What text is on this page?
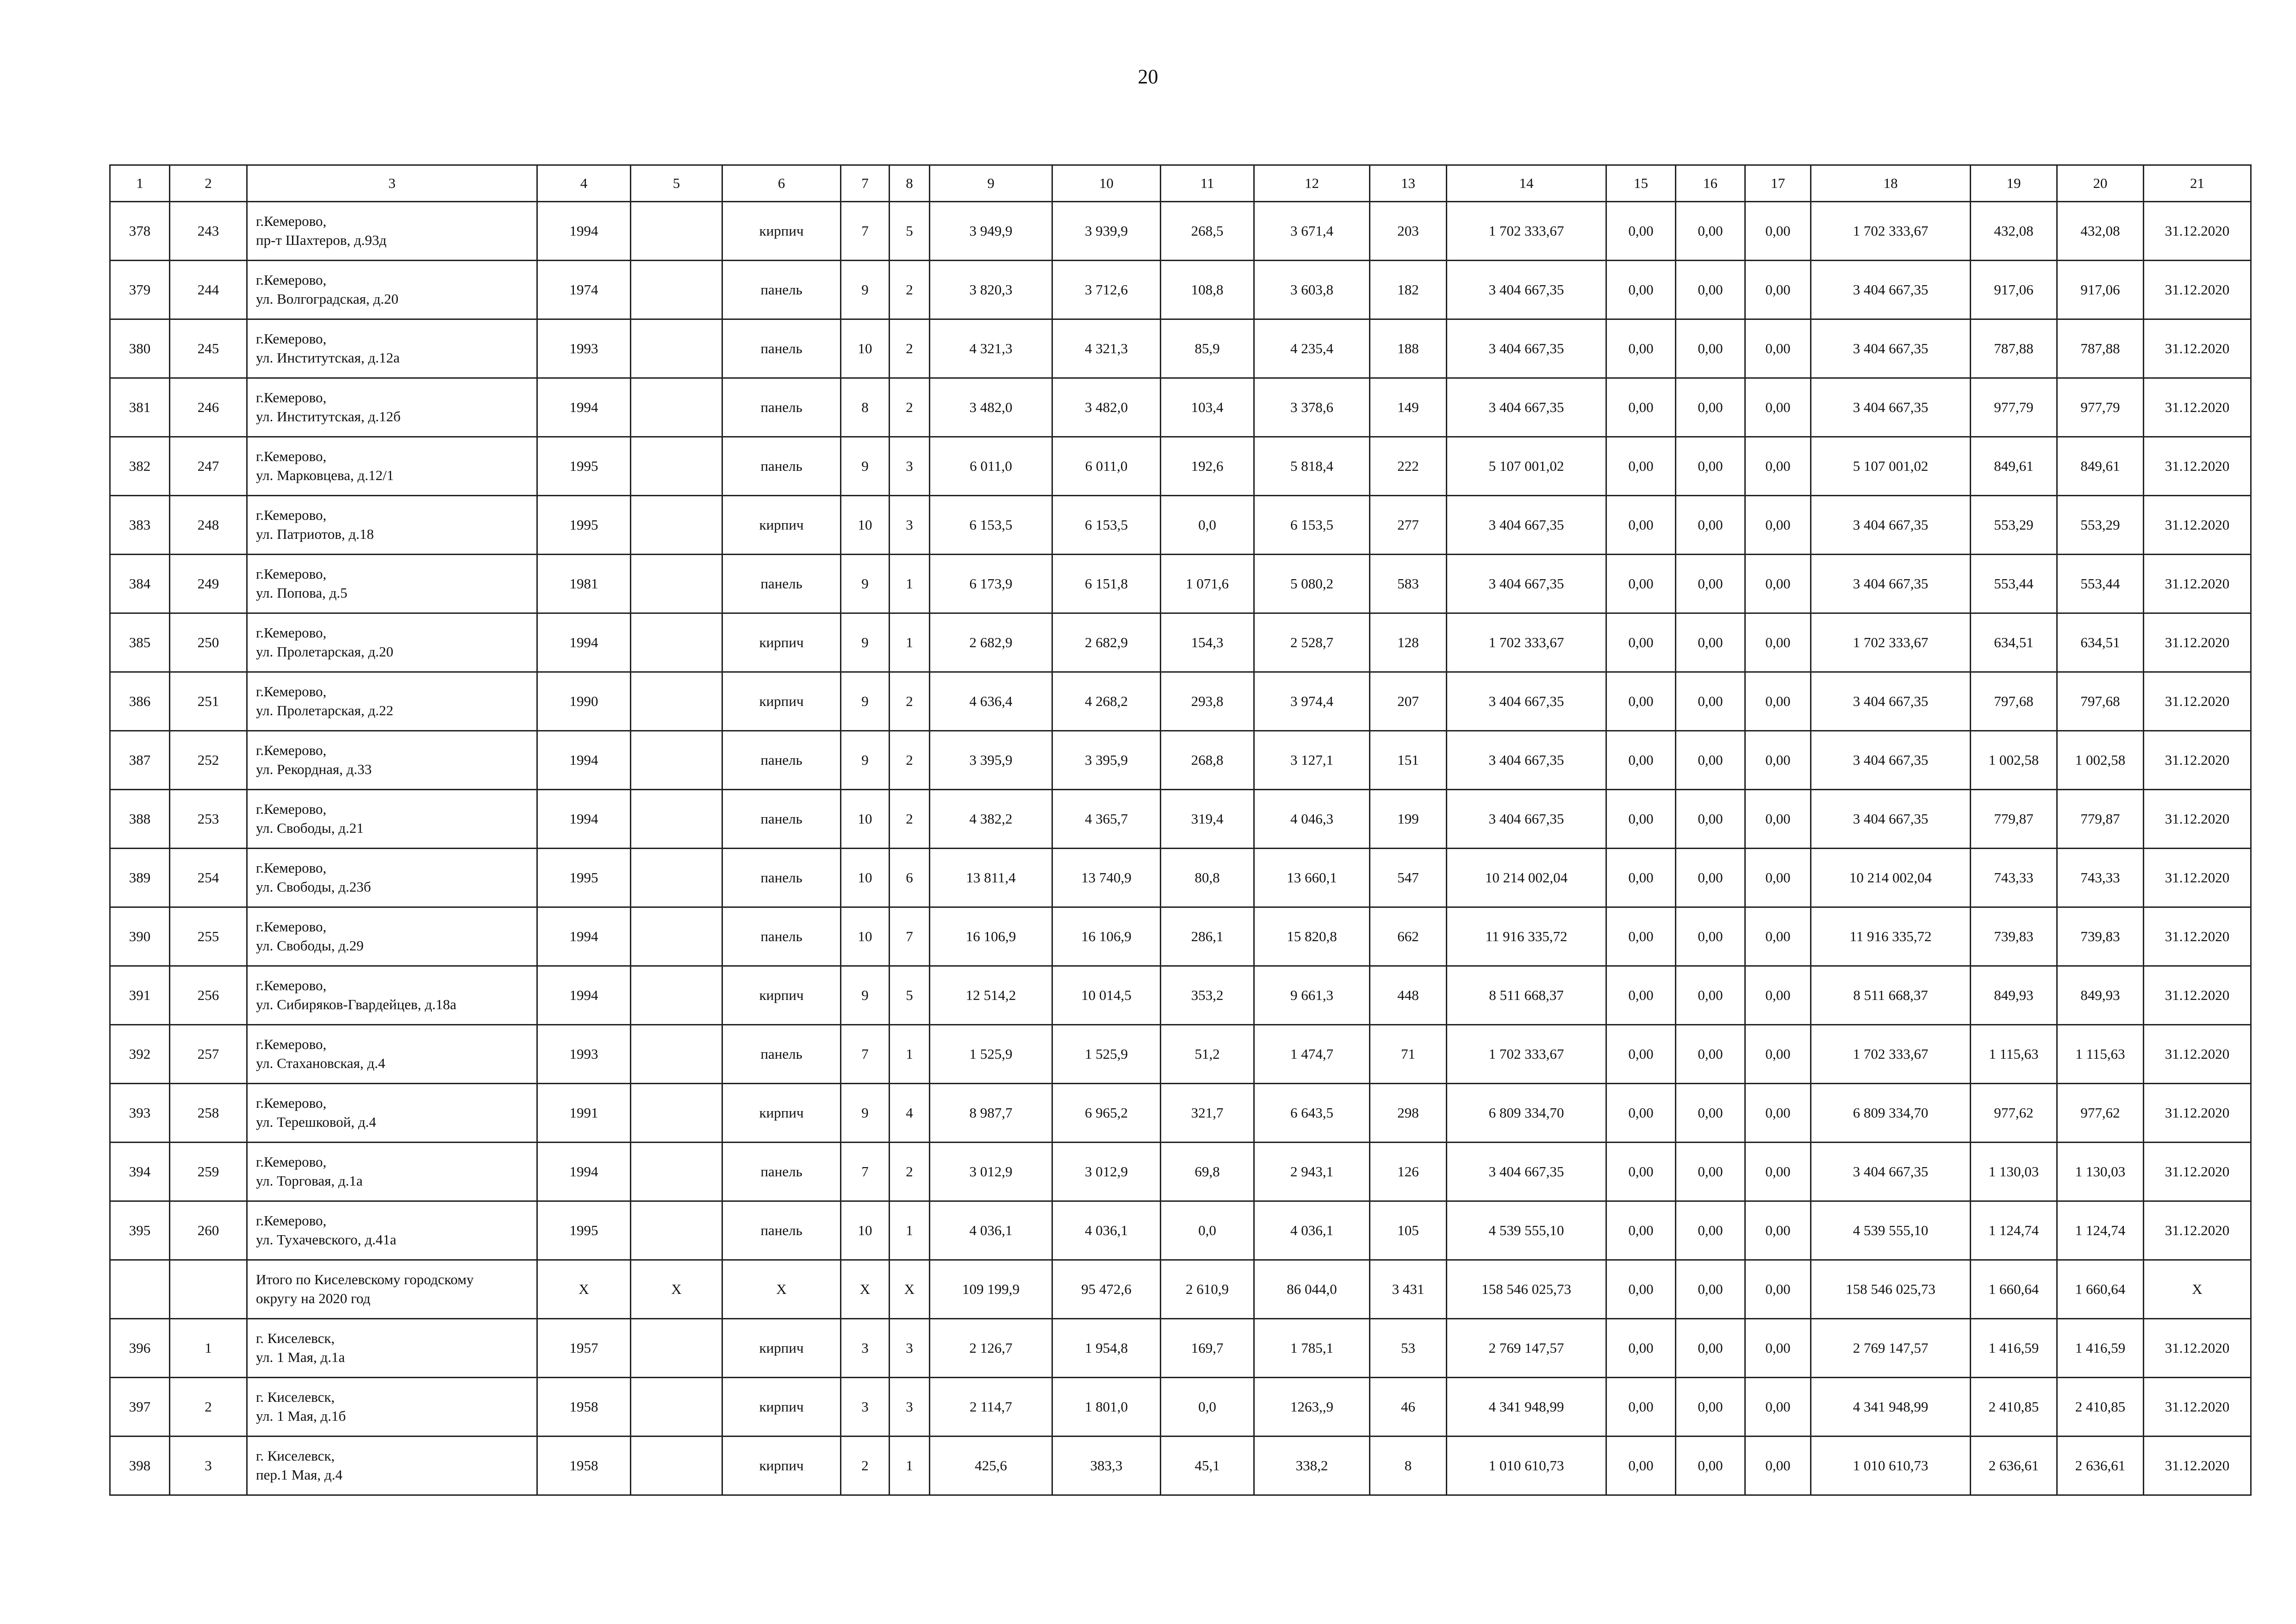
20
1	2	3	4	5	6	7	8	9	10	11	12	13	14	15	16	17	18	19	20	21
378	243	г.Кемерово,
пр-т Шахтеров, д.93д	1994		кирпич	7	5	3 949,9	3 939,9	268,5	3 671,4	203	1 702 333,67	0,00	0,00	0,00	1 702 333,67	432,08	432,08	31.12.2020
379	244	г.Кемерово,
ул. Волгоградская, д.20	1974		панель	9	2	3 820,3	3 712,6	108,8	3 603,8	182	3 404 667,35	0,00	0,00	0,00	3 404 667,35	917,06	917,06	31.12.2020
380	245	г.Кемерово,
ул. Институтская, д.12а	1993		панель	10	2	4 321,3	4 321,3	85,9	4 235,4	188	3 404 667,35	0,00	0,00	0,00	3 404 667,35	787,88	787,88	31.12.2020
381	246	г.Кемерово,
ул. Институтская, д.12б	1994		панель	8	2	3 482,0	3 482,0	103,4	3 378,6	149	3 404 667,35	0,00	0,00	0,00	3 404 667,35	977,79	977,79	31.12.2020
382	247	г.Кемерово,
ул. Марковцева, д.12/1	1995		панель	9	3	6 011,0	6 011,0	192,6	5 818,4	222	5 107 001,02	0,00	0,00	0,00	5 107 001,02	849,61	849,61	31.12.2020
383	248	г.Кемерово,
ул. Патриотов, д.18	1995		кирпич	10	3	6 153,5	6 153,5	0,0	6 153,5	277	3 404 667,35	0,00	0,00	0,00	3 404 667,35	553,29	553,29	31.12.2020
384	249	г.Кемерово,
ул. Попова, д.5	1981		панель	9	1	6 173,9	6 151,8	1 071,6	5 080,2	583	3 404 667,35	0,00	0,00	0,00	3 404 667,35	553,44	553,44	31.12.2020
385	250	г.Кемерово,
ул. Пролетарская, д.20	1994		кирпич	9	1	2 682,9	2 682,9	154,3	2 528,7	128	1 702 333,67	0,00	0,00	0,00	1 702 333,67	634,51	634,51	31.12.2020
386	251	г.Кемерово,
ул. Пролетарская, д.22	1990		кирпич	9	2	4 636,4	4 268,2	293,8	3 974,4	207	3 404 667,35	0,00	0,00	0,00	3 404 667,35	797,68	797,68	31.12.2020
387	252	г.Кемерово,
ул. Рекордная, д.33	1994		панель	9	2	3 395,9	3 395,9	268,8	3 127,1	151	3 404 667,35	0,00	0,00	0,00	3 404 667,35	1 002,58	1 002,58	31.12.2020
388	253	г.Кемерово,
ул. Свободы, д.21	1994		панель	10	2	4 382,2	4 365,7	319,4	4 046,3	199	3 404 667,35	0,00	0,00	0,00	3 404 667,35	779,87	779,87	31.12.2020
389	254	г.Кемерово,
ул. Свободы, д.23б	1995		панель	10	6	13 811,4	13 740,9	80,8	13 660,1	547	10 214 002,04	0,00	0,00	0,00	10 214 002,04	743,33	743,33	31.12.2020
390	255	г.Кемерово,
ул. Свободы, д.29	1994		панель	10	7	16 106,9	16 106,9	286,1	15 820,8	662	11 916 335,72	0,00	0,00	0,00	11 916 335,72	739,83	739,83	31.12.2020
391	256	г.Кемерово,
ул. Сибиряков-Гвардейцев, д.18а	1994		кирпич	9	5	12 514,2	10 014,5	353,2	9 661,3	448	8 511 668,37	0,00	0,00	0,00	8 511 668,37	849,93	849,93	31.12.2020
392	257	г.Кемерово,
ул. Стахановская, д.4	1993		панель	7	1	1 525,9	1 525,9	51,2	1 474,7	71	1 702 333,67	0,00	0,00	0,00	1 702 333,67	1 115,63	1 115,63	31.12.2020
393	258	г.Кемерово,
ул. Терешковой, д.4	1991		кирпич	9	4	8 987,7	6 965,2	321,7	6 643,5	298	6 809 334,70	0,00	0,00	0,00	6 809 334,70	977,62	977,62	31.12.2020
394	259	г.Кемерово,
ул. Торговая, д.1а	1994		панель	7	2	3 012,9	3 012,9	69,8	2 943,1	126	3 404 667,35	0,00	0,00	0,00	3 404 667,35	1 130,03	1 130,03	31.12.2020
395	260	г.Кемерово,
ул. Тухачевского, д.41а	1995		панель	10	1	4 036,1	4 036,1	0,0	4 036,1	105	4 539 555,10	0,00	0,00	0,00	4 539 555,10	1 124,74	1 124,74	31.12.2020

		Итого по Киселевскому городскому
округу на 2020 год	X	X	X	X	X	109 199,9	95 472,6	2 610,9	86 044,0	3 431	158 546 025,73	0,00	0,00	0,00	158 546 025,73	1 660,64	1 660,64	X
396	1	г. Киселевск,
ул. 1 Мая, д.1а	1957		кирпич	3	3	2 126,7	1 954,8	169,7	1 785,1	53	2 769 147,57	0,00	0,00	0,00	2 769 147,57	1 416,59	1 416,59	31.12.2020
397	2	г. Киселевск,
ул. 1 Мая, д.1б	1958		кирпич	3	3	2 114,7	1 801,0	0,0	1263,,9	46	4 341 948,99	0,00	0,00	0,00	4 341 948,99	2 410,85	2 410,85	31.12.2020
398	3	г. Киселевск,
пер.1 Мая, д.4	1958		кирпич	2	1	425,6	383,3	45,1	338,2	8	1 010 610,73	0,00	0,00	0,00	1 010 610,73	2 636,61	2 636,61	31.12.2020
